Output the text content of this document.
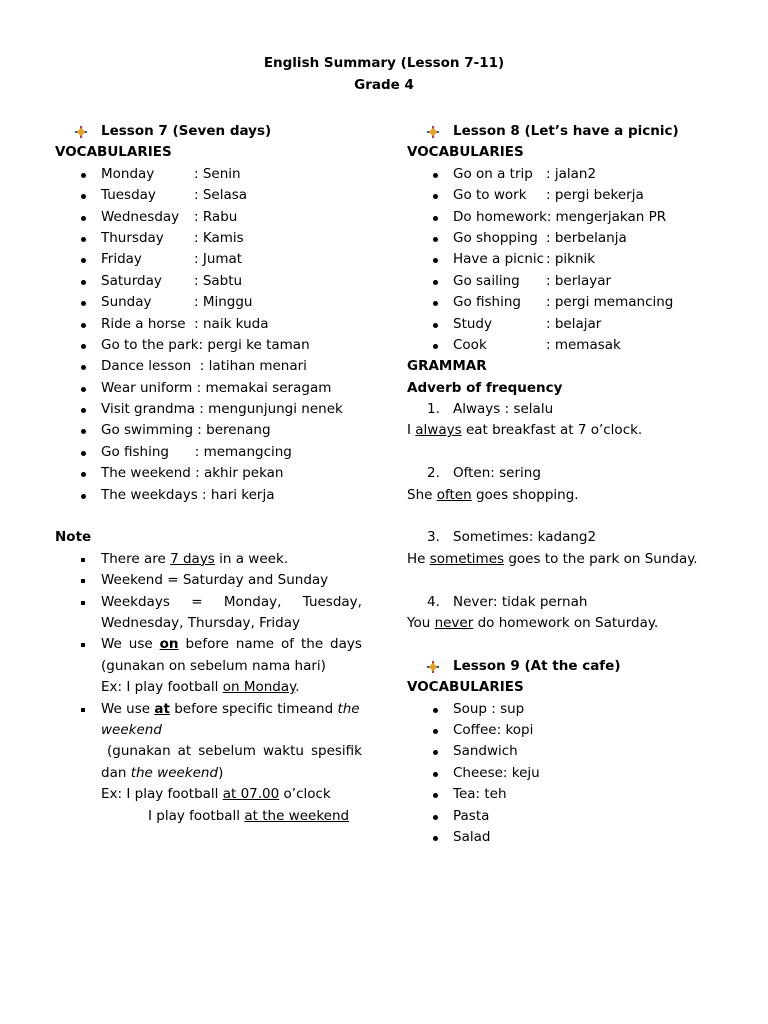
English Summary (Lesson 7-11)
Grade 4
Lesson 7 (Seven days)
VOCABULARIES
Monday	: Senin
Tuesday	: Selasa
Wednesday : Rabu
Thursday : Kamis
Friday	: Jumat
Saturday : Sabtu
Sunday	: Minggu
Ride a horse  : naik kuda
Go to the park: pergi ke taman
Dance lesson  : latihan menari
Wear uniform : memakai seragam
Visit grandma : mengunjungi nenek
Go swimming : berenang
Go fishing      : memangcing
The weekend : akhir pekan
The weekdays : hari kerja
Note
There are 7 days in a week.
Weekend = Saturday and Sunday
Weekdays = Monday, Tuesday,
Wednesday, Thursday, Friday
We use on before name of the days
(gunakan on sebelum nama hari)
Ex: I play football on Monday.
We use at before specific timeand the
weekend
(gunakan at sebelum waktu spesifik
dan the weekend)
Ex: I play football at 07.00 o’clock
I play football at the weekend
Lesson 8 (Let’s have a picnic)
VOCABULARIES
Go on a trip : jalan2
Go to work : pergi bekerja
Do homework: mengerjakan PR
Go shopping : berbelanja
Have a picnic : piknik
Go sailing : berlayar
Go fishing : pergi memancing
Study	: belajar
Cook	: memasak
GRAMMAR
Adverb of frequency
1. Always : selalu
I always eat breakfast at 7 o’clock.
2. Often: sering
She often goes shopping.
3. Sometimes: kadang2
He sometimes goes to the park on Sunday.
4. Never: tidak pernah
You never do homework on Saturday.
Lesson 9 (At the cafe)
VOCABULARIES
Soup : sup
Coffee: kopi
Sandwich
Cheese: keju
Tea: teh
Pasta
Salad
